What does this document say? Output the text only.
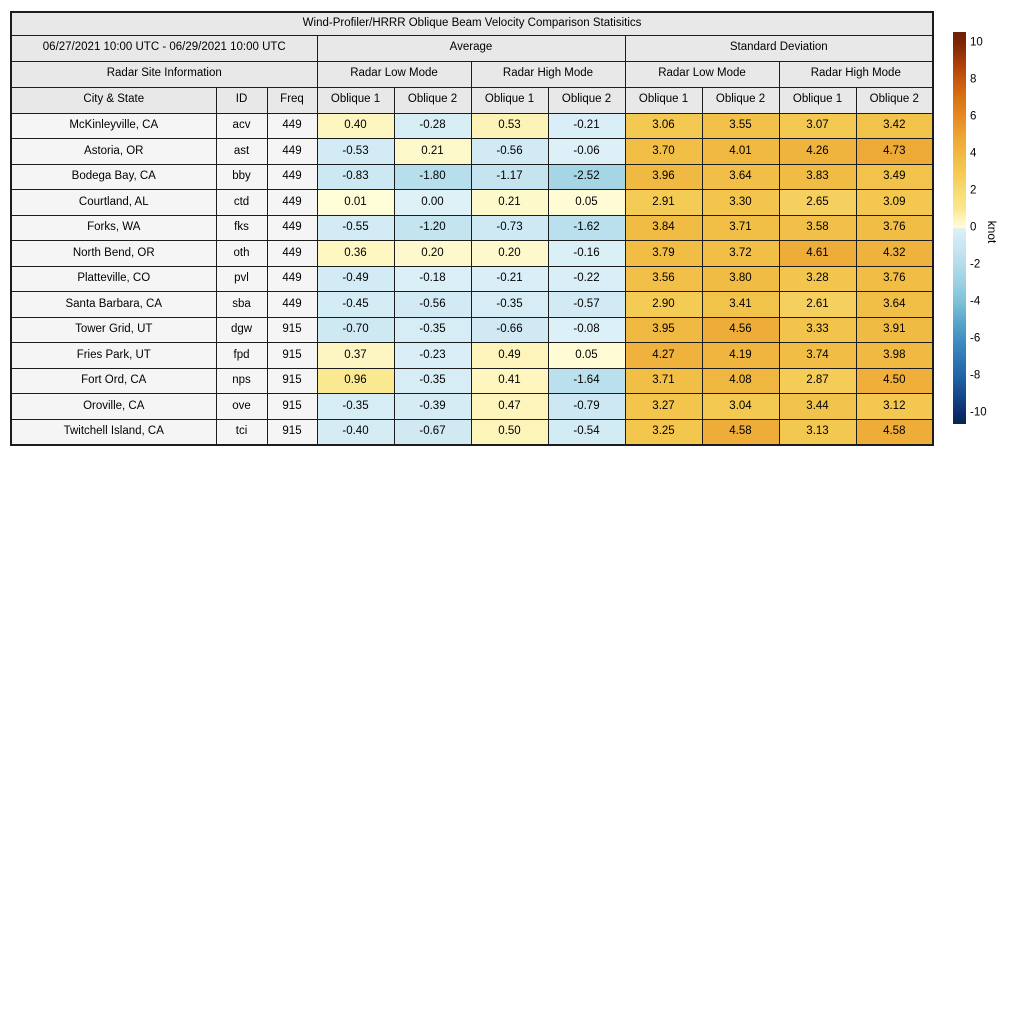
Wind-Profiler/HRRR Oblique Beam Velocity Comparison Statisitics										
06/27/2021 10:00 UTC - 06/29/2021 10:00 UTC			Average				Standard Deviation			
Radar Site Information			Radar Low Mode		Radar High Mode		Radar Low Mode		Radar High Mode	
City & State	ID	Freq	Oblique 1	Oblique 2	Oblique 1	Oblique 2	Oblique 1	Oblique 2	Oblique 1	Oblique 2
McKinleyville, CA	acv	449	0.40	-0.28	0.53	-0.21	3.06	3.55	3.07	3.42
Astoria, OR	ast	449	-0.53	0.21	-0.56	-0.06	3.70	4.01	4.26	4.73
Bodega Bay, CA	bby	449	-0.83	-1.80	-1.17	-2.52	3.96	3.64	3.83	3.49
Courtland, AL	ctd	449	0.01	0.00	0.21	0.05	2.91	3.30	2.65	3.09
Forks, WA	fks	449	-0.55	-1.20	-0.73	-1.62	3.84	3.71	3.58	3.76
North Bend, OR	oth	449	0.36	0.20	0.20	-0.16	3.79	3.72	4.61	4.32
Platteville, CO	pvl	449	-0.49	-0.18	-0.21	-0.22	3.56	3.80	3.28	3.76
Santa Barbara, CA	sba	449	-0.45	-0.56	-0.35	-0.57	2.90	3.41	2.61	3.64
Tower Grid, UT	dgw	915	-0.70	-0.35	-0.66	-0.08	3.95	4.56	3.33	3.91
Fries Park, UT	fpd	915	0.37	-0.23	0.49	0.05	4.27	4.19	3.74	3.98
Fort Ord, CA	nps	915	0.96	-0.35	0.41	-1.64	3.71	4.08	2.87	4.50
Oroville, CA	ove	915	-0.35	-0.39	0.47	-0.79	3.27	3.04	3.44	3.12
Twitchell Island, CA	tci	915	-0.40	-0.67	0.50	-0.54	3.25	4.58	3.13	4.58
10
8
6
4
2
0
-2
-4
-6
-8
-10
knot
